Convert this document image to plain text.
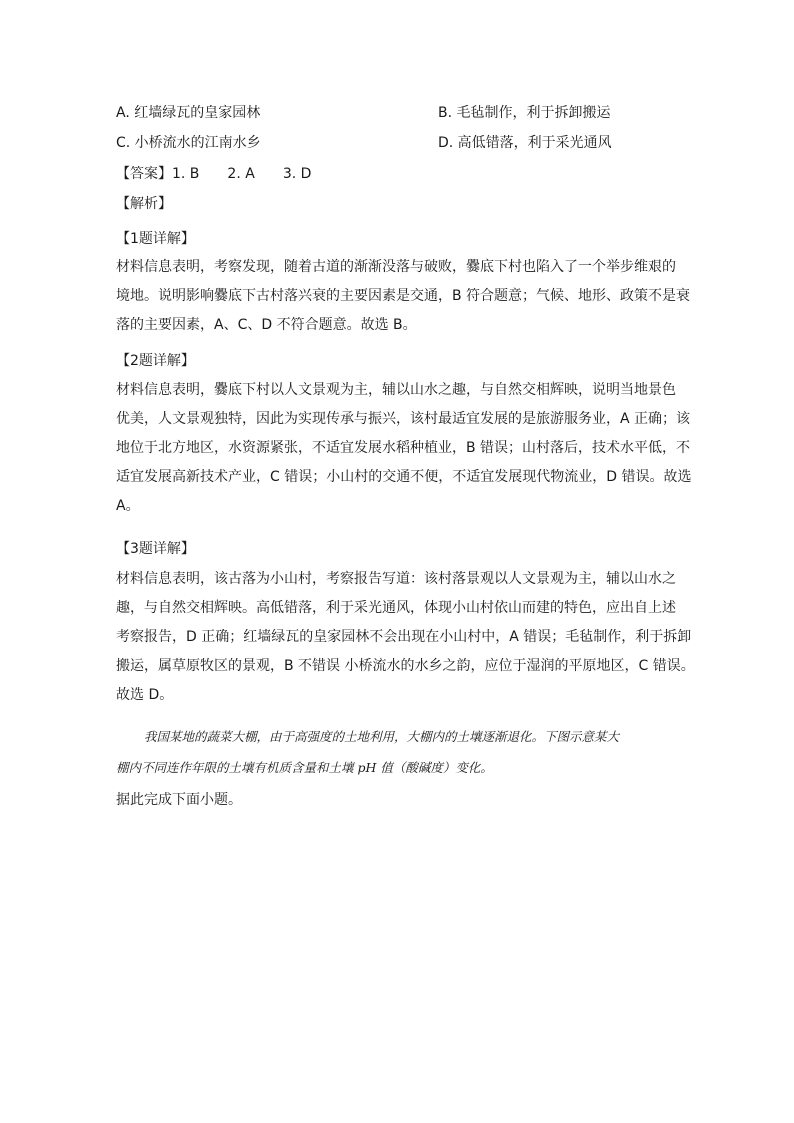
A. 红墙绿瓦的皇家园林	B. 毛毡制作，利于拆卸搬运
C. 小桥流水的江南水乡	D. 高低错落，利于采光通风
【答案】1. B 2. A 3. D
【解析】
【1题详解】
材料信息表明，考察发现，随着古道的渐渐没落与破败，爨底下村也陷入了一个举步维艰的
境地。说明影响爨底下古村落兴衰的主要因素是交通，B 符合题意；气候、地形、政策不是衰
落的主要因素，A、C、D 不符合题意。故选 B。
【2题详解】
材料信息表明，爨底下村以人文景观为主，辅以山水之趣，与自然交相辉映，说明当地景色
优美，人文景观独特，因此为实现传承与振兴，该村最适宜发展的是旅游服务业，A 正确；该
地位于北方地区，水资源紧张，不适宜发展水稻种植业，B 错误；山村落后，技术水平低，不
适宜发展高新技术产业，C 错误；小山村的交通不便，不适宜发展现代物流业，D 错误。故选
A。
【3题详解】
材料信息表明，该古落为小山村，考察报告写道：该村落景观以人文景观为主，辅以山水之
趣，与自然交相辉映。高低错落，利于采光通风，体现小山村依山而建的特色，应出自上述
考察报告，D 正确；红墙绿瓦的皇家园林不会出现在小山村中，A 错误；毛毡制作，利于拆卸
搬运，属草原牧区的景观，B 不错误 小桥流水的水乡之韵，应位于湿润的平原地区，C 错误。
故选 D。
我国某地的蔬菜大棚，由于高强度的土地利用，大棚内的土壤逐渐退化。下图示意某大
棚内不同连作年限的土壤有机质含量和土壤 pH 值（酸碱度）变化。
据此完成下面小题。
